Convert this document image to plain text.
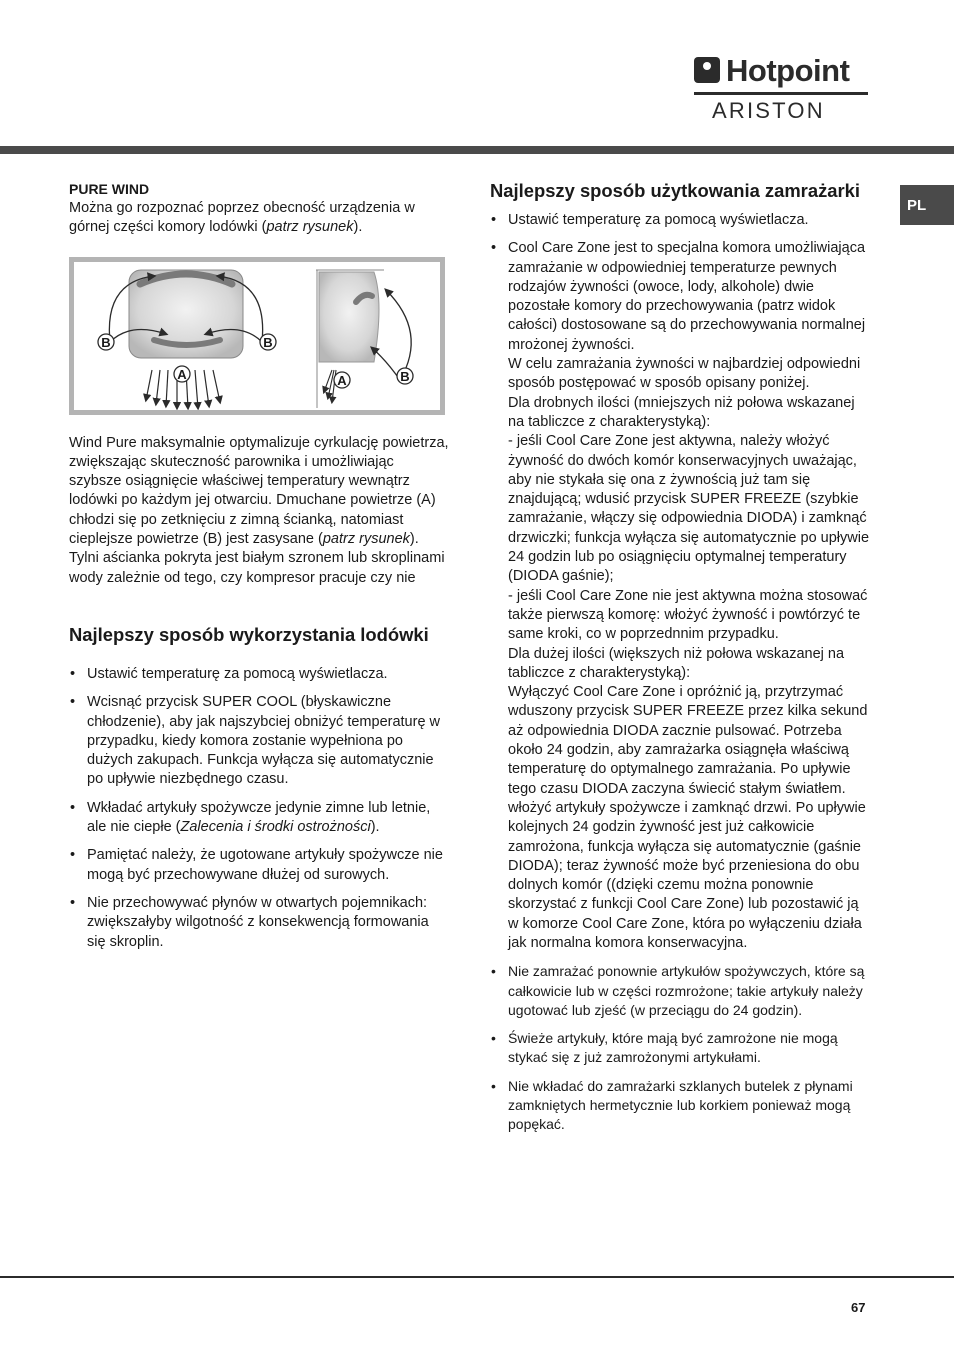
Hotpoint
ARISTON
PL
PURE WIND

Można go rozpoznać poprzez obecność urządzenia w górnej części komory lodówki (patrz rysunek).

B	B
A	A	B

Wind Pure maksymalnie optymalizuje cyrkulację powietrza, zwiększając skuteczność parownika i umożliwiając szybsze osiągnięcie właściwej temperatury wewnątrz lodówki po każdym jej otwarciu. Dmuchane powietrze (A) chłodzi się po zetknięciu z zimną ścianką, natomiast cieplejsze powietrze (B) jest zasysane (patrz rysunek).

Tylni aścianka pokryta jest białym szronem lub skroplinami wody zależnie od tego, czy kompresor pracuje czy nie

Najlepszy sposób wykorzystania lodówki
• Ustawić temperaturę za pomocą wyświetlacza.
• Wcisnąć przycisk SUPER COOL (błyskawiczne chłodzenie), aby jak najszybciej obniżyć temperaturę w przypadku, kiedy komora zostanie wypełniona po dużych zakupach. Funkcja wyłącza się automatycznie po upływie niezbędnego czasu.
• Wkładać artykuły spożywcze jedynie zimne lub letnie, ale nie ciepłe (Zalecenia i środki ostrożności).
• Pamiętać należy, że ugotowane artykuły spożywcze nie mogą być przechowywane dłużej od surowych.
• Nie przechowywać płynów w otwartych pojemnikach: zwiększałyby wilgotność z konsekwencją formowania się skroplin.
Najlepszy sposób użytkowania zamrażarki
• Ustawić temperaturę za pomocą wyświetlacza.
• Cool Care Zone jest to specjalna komora umożliwiająca zamrażanie w odpowiedniej temperaturze pewnych rodzajów żywności (owoce, lody, alkohole) dwie pozostałe komory do przechowywania (patrz widok całości) dostosowane są do przechowywania normalnej mrożonej żywności.
W celu zamrażania żywności w najbardziej odpowiedni sposób postępować w sposób opisany poniżej.
Dla drobnych ilości (mniejszych niż połowa wskazanej na tabliczce z charakterystyką):
- jeśli Cool Care Zone jest aktywna, należy włożyć żywność do dwóch komór konserwacyjnych uważając, aby nie stykała się ona z żywnością już tam się znajdującą; wdusić przycisk SUPER FREEZE (szybkie zamrażanie, włączy się odpowiednia DIODA) i zamknąć drzwiczki; funkcja wyłącza się automatycznie po upływie 24 godzin lub po osiągnięciu optymalnej temperatury (DIODA gaśnie);
- jeśli Cool Care Zone nie jest aktywna można stosować także pierwszą komorę: włożyć żywność i powtórzyć te same kroki, co w poprzednnim przypadku.
Dla dużej ilości (większych niż połowa wskazanej na tabliczce z charakterystyką):
Wyłączyć Cool Care Zone i opróżnić ją, przytrzymać wduszony przycisk SUPER FREEZE przez kilka sekund aż odpowiednia DIODA zacznie pulsować. Potrzeba około 24 godzin, aby zamrażarka osiągnęła właściwą temperaturę do optymalnego zamrażania. Po upływie tego czasu DIODA zaczyna świecić stałym światłem. włożyć artykuły spożywcze i zamknąć drzwi. Po upływie kolejnych 24 godzin żywność jest już całkowicie zamrożona, funkcja wyłącza się automatycznie (gaśnie DIODA); teraz żywność może być przeniesiona do obu dolnych komór ((dzięki czemu można ponownie skorzystać z funkcji Cool Care Zone) lub pozostawić ją w komorze Cool Care Zone, która po wyłączeniu działa jak normalna komora konserwacyjna.
• Nie zamrażać ponownie artykułów spożywczych, które są całkowicie lub w części rozmrożone; takie artykuły należy ugotować lub zjeść (w przeciągu do 24 godzin).
• Świeże artykuły, które mają być zamrożone nie mogą stykać się z już zamrożonymi artykułami.
• Nie wkładać do zamrażarki szklanych butelek z płynami zamkniętych hermetycznie lub korkiem ponieważ mogą popękać.
67
